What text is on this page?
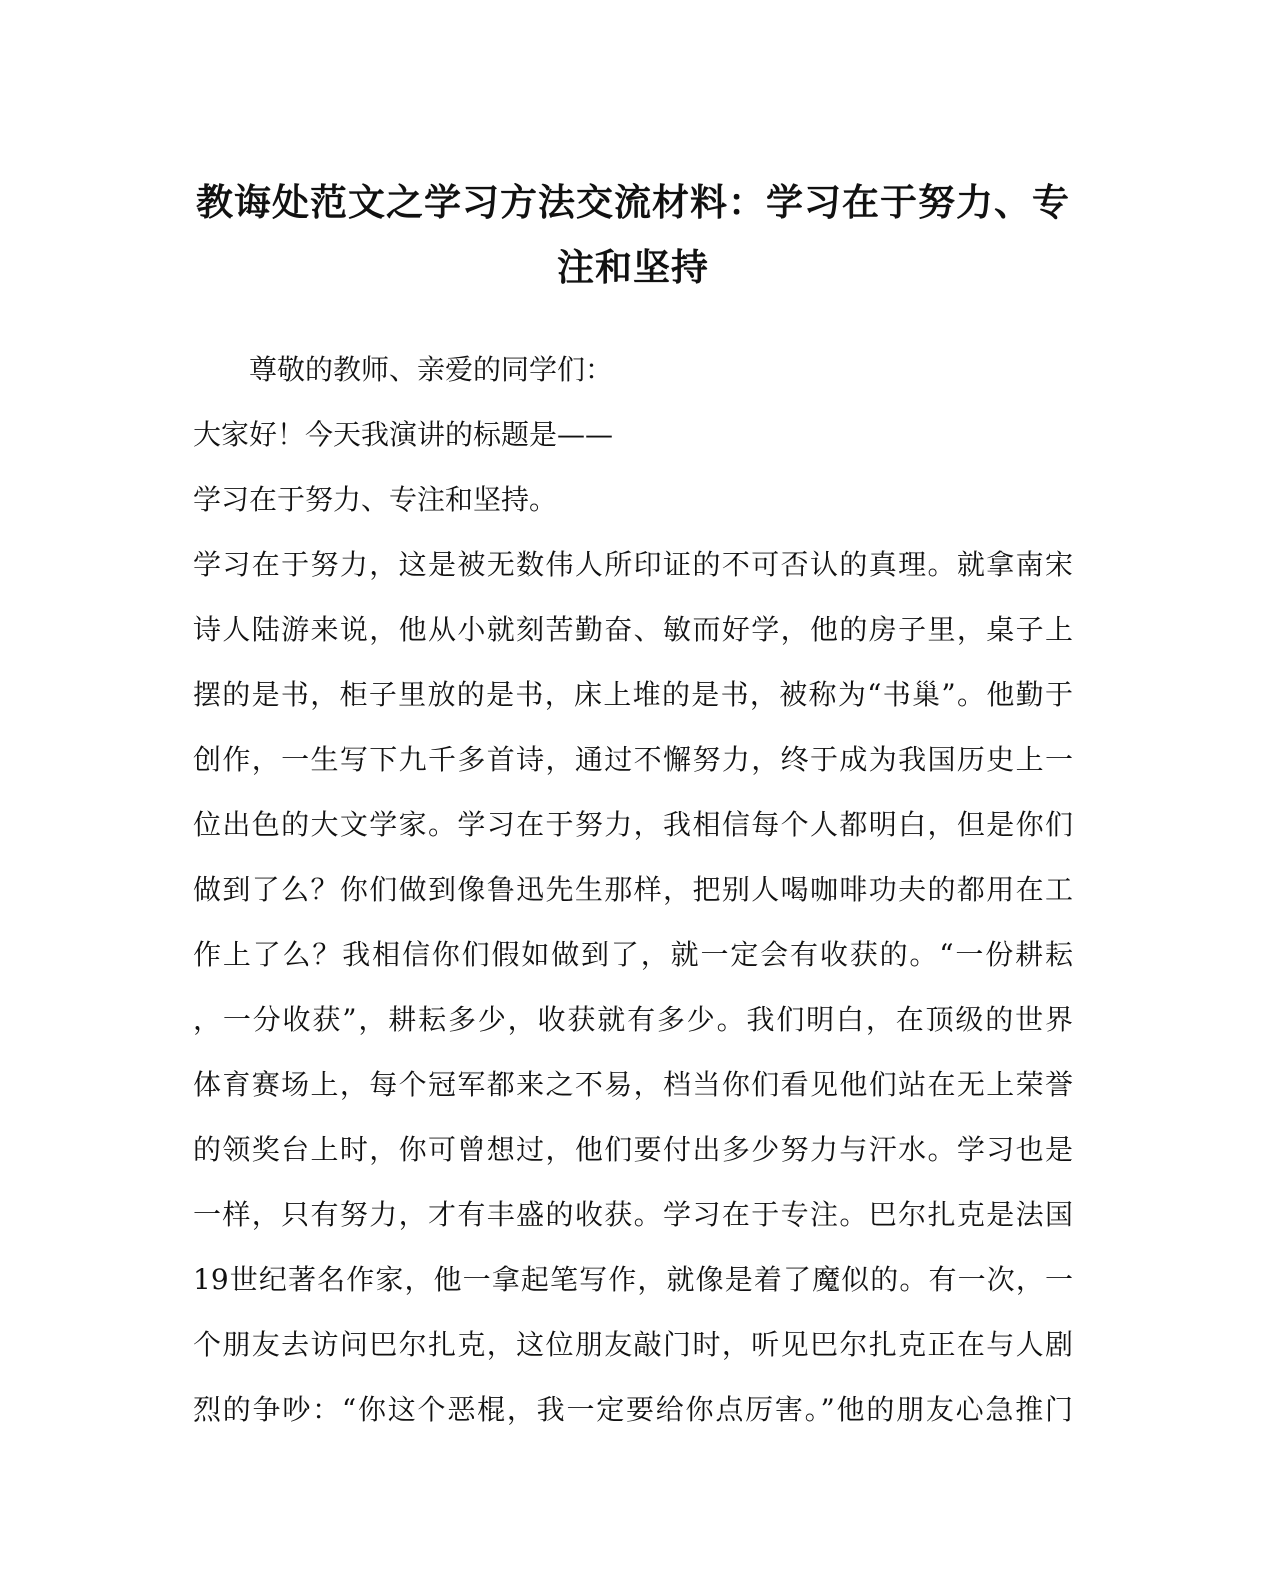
教诲处范文之学习方法交流材料：学习在于努力、专
注和坚持
尊敬的教师、亲爱的同学们：
大家好！今天我演讲的标题是——
学习在于努力、专注和坚持。
学习在于努力，这是被无数伟人所印证的不可否认的真理。就拿南宋
诗人陆游来说，他从小就刻苦勤奋、敏而好学，他的房子里，桌子上
摆的是书，柜子里放的是书，床上堆的是书，被称为“书巢”。他勤于
创作，一生写下九千多首诗，通过不懈努力，终于成为我国历史上一
位出色的大文学家。学习在于努力，我相信每个人都明白，但是你们
做到了么？你们做到像鲁迅先生那样，把别人喝咖啡功夫的都用在工
作上了么？我相信你们假如做到了，就一定会有收获的。“一份耕耘
，一分收获”，耕耘多少，收获就有多少。我们明白，在顶级的世界
体育赛场上，每个冠军都来之不易，档当你们看见他们站在无上荣誉
的领奖台上时，你可曾想过，他们要付出多少努力与汗水。学习也是
一样，只有努力，才有丰盛的收获。学习在于专注。巴尔扎克是法国
19世纪著名作家，他一拿起笔写作，就像是着了魔似的。有一次，一
个朋友去访问巴尔扎克，这位朋友敲门时，听见巴尔扎克正在与人剧
烈的争吵：“你这个恶棍，我一定要给你点厉害。”他的朋友心急推门
